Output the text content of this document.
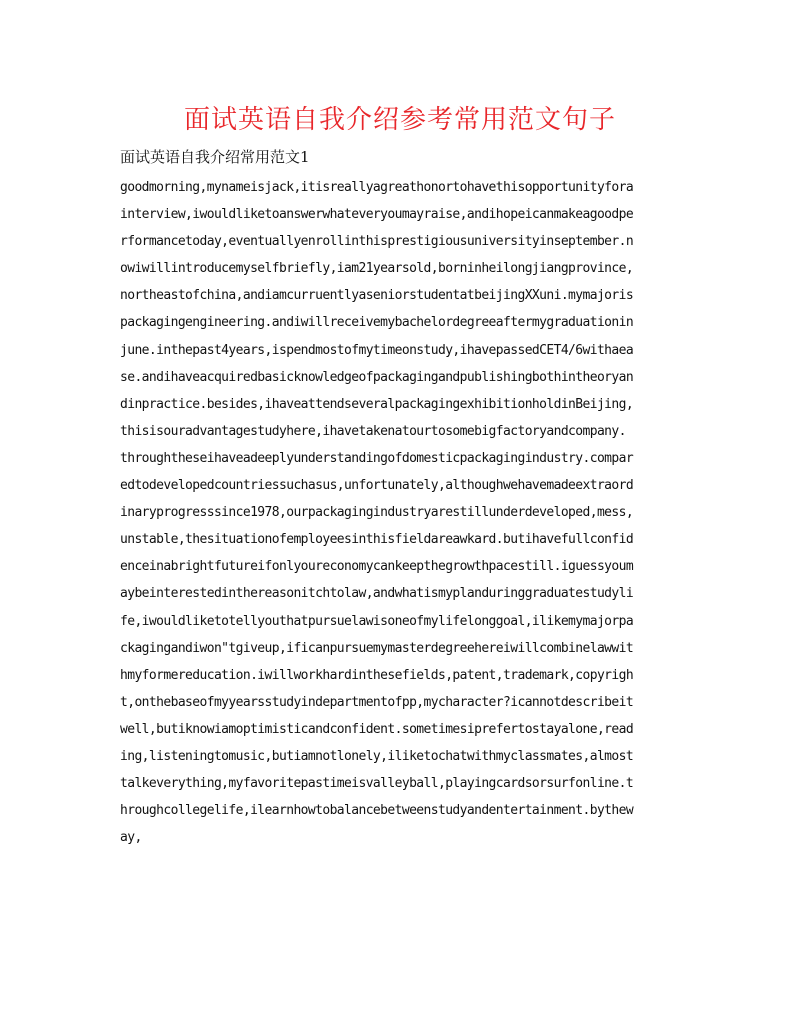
面试英语自我介绍参考常用范文句子
面试英语自我介绍常用范文1
goodmorning,mynameisjack,itisreallyagreathonortohavethisopportunityfora
interview,iwouldliketoanswerwhateveryoumayraise,andihopeicanmakeagoodpe
rformancetoday,eventuallyenrollinthisprestigiousuniversityinseptember.n
owiwillintroducemyselfbriefly,iam21yearsold,borninheilongjiangprovince,
northeastofchina,andiamcurruentlyaseniorstudentatbeijingXXuni.mymajoris
packagingengineering.andiwillreceivemybachelordegreeaftermygraduationin
june.inthepast4years,ispendmostofmytimeonstudy,ihavepassedCET4/6withaea
se.andihaveacquiredbasicknowledgeofpackagingandpublishingbothintheoryan
dinpractice.besides,ihaveattendseveralpackagingexhibitionholdinBeijing,
thisisouradvantagestudyhere,ihavetakenatourtosomebigfactoryandcompany.
throughtheseihaveadeeplyunderstandingofdomesticpackagingindustry.compar
edtodevelopedcountriessuchasus,unfortunately,althoughwehavemadeextraord
inaryprogresssince1978,ourpackagingindustryarestillunderdeveloped,mess,
unstable,thesituationofemployeesinthisfieldareawkard.butihavefullconfid
enceinabrightfutureifonlyoureconomycankeepthegrowthpacestill.iguessyoum
aybeinterestedinthereasonitchtolaw,andwhatismyplanduringgraduatestudyli
fe,iwouldliketotellyouthatpursuelawisoneofmylifelonggoal,ilikemymajorpa
ckagingandiwon"tgiveup,ificanpursuemymasterdegreehereiwillcombinelawwit
hmyformereducation.iwillworkhardinthesefields,patent,trademark,copyrigh
t,onthebaseofmyyearsstudyindepartmentofpp,mycharacter?icannotdescribeit
well,butiknowiamoptimisticandconfident.sometimesiprefertostayalone,read
ing,listeningtomusic,butiamnotlonely,iliketochatwithmyclassmates,almost
talkeverything,myfavoritepastimeisvalleyball,playingcardsorsurfonline.t
hroughcollegelife,ilearnhowtobalancebetweenstudyandentertainment.bythew
ay,
